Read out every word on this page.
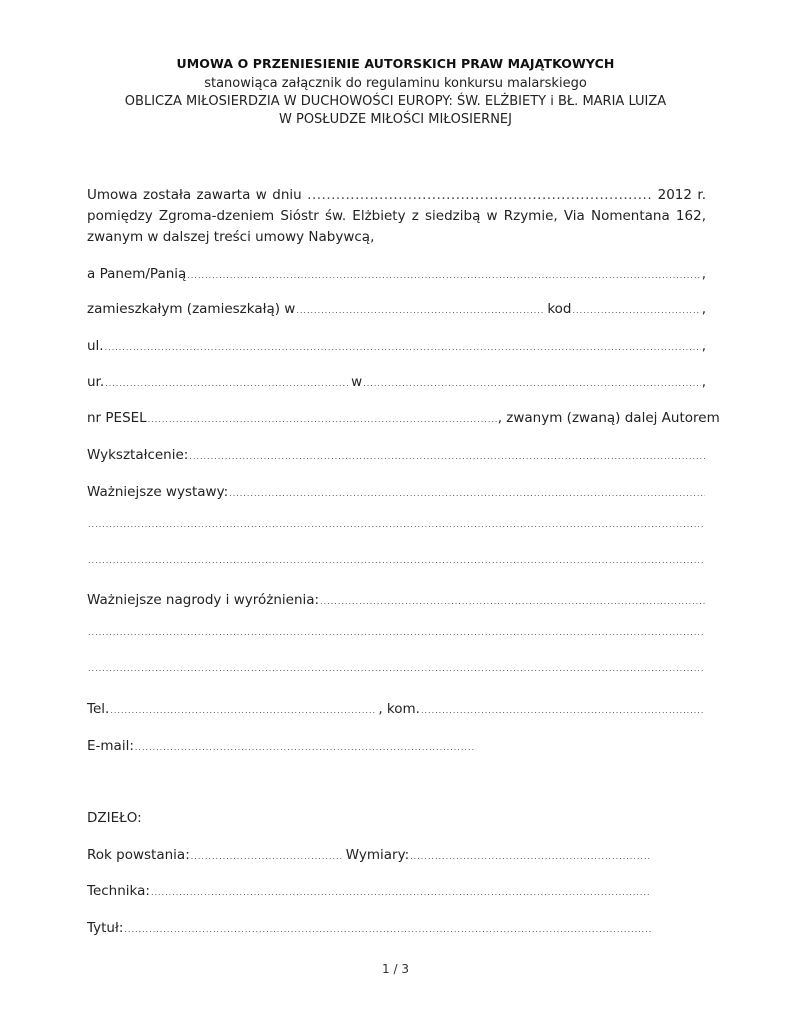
UMOWA O PRZENIESIENIE AUTORSKICH PRAW MAJĄTKOWYCH

stanowiąca załącznik do regulaminu konkursu malarskiego

OBLICZA MIŁOSIERDZIA W DUCHOWOŚCI EUROPY: ŚW. ELŻBIETY i BŁ. MARIA LUIZA

W POSŁUDZE MIŁOŚCI MIŁOSIERNEJ

Umowa została zawarta w dniu ........................................................................ 2012 r. pomiędzy Zgroma-dzeniem Sióstr św. Elżbiety z siedzibą w Rzymie, Via Nomentana 162, zwanym w dalszej treści umowy Nabywcą,
a Panem/Panią .....	,
zamieszkałym (zamieszkałą) w .....	kod .....	,
ul. .....	,
ur. .....	w .....	,
nr PESEL .....	, zwanym (zwaną) dalej Autorem
Wykształcenie:
.....
Ważniejsze wystawy:
.....
.....
.....
Ważniejsze nagrody i wyróżnienia:
.....
.....
.....
Tel. .....	, kom.
.....
E-mail:
.....
DZIEŁO:
Rok powstania: .....	Wymiary:
.....
Technika:
.....
Tytuł:
.....
1 / 3
